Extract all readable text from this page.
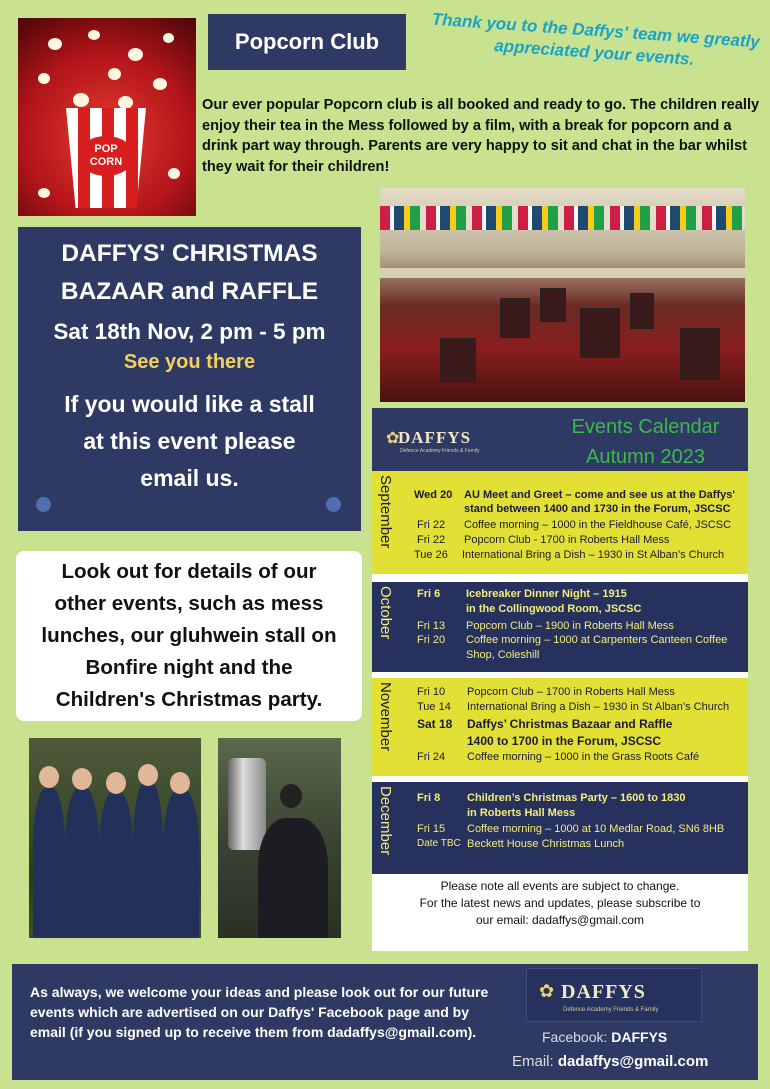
POP CORN
Popcorn Club	Thank you to the Daffys' team we greatly appreciated your events.
Our ever popular Popcorn club is all booked and ready to go. The children really enjoy their tea in the Mess followed by a film, with a break for popcorn and a drink part way through. Parents are very happy to sit and chat in the bar whilst they wait for their children!
DAFFYS' CHRISTMAS
BAZAAR and RAFFLE
Sat 18th Nov, 2 pm - 5 pm
See you there
If you would like a stall
at this event please
email us.
Look out for details of our
other events, such as mess
lunches, our gluhwein stall on
Bonfire night and the
Children's Christmas party.
✿
DAFFYS
Defence Academy Friends & Family
Events Calendar
Autumn 2023
September Wed 20 AU Meet and Greet – come and see us at the Daffys'
stand between 1400 and 1730 in the Forum, JSCSC
Fri 22 Coffee morning – 1000 in the Fieldhouse Café, JSCSC
Fri 22 Popcorn Club - 1700 in Roberts Hall Mess
Tue 26 International Bring a Dish – 1930 in St Alban’s Church
October Fri 6 Icebreaker Dinner Night – 1915
in the Collingwood Room, JSCSC
Fri 13 Popcorn Club – 1900 in Roberts Hall Mess
Fri 20 Coffee morning – 1000 at Carpenters Canteen Coffee
Shop, Coleshill
November Fri 10 Popcorn Club – 1700 in Roberts Hall Mess
Tue 14 International Bring a Dish – 1930 in St Alban’s Church
Sat 18 Daffys’ Christmas Bazaar and Raffle
1400 to 1700 in the Forum, JSCSC
Fri 24 Coffee morning – 1000 in the Grass Roots Café
December Fri 8 Children’s Christmas Party – 1600 to 1830
in Roberts Hall Mess
Fri 15 Coffee morning – 1000 at 10 Medlar Road, SN6 8HB
Date TBC Beckett House Christmas Lunch
Please note all events are subject to change.
For the latest news and updates, please subscribe to
our email: dadaffys@gmail.com
As always, we welcome your ideas and please look out for our future events which are advertised on our Daffys' Facebook page and by email (if you signed up to receive them from dadaffys@gmail.com).
✿ DAFFYS
Defence Academy Friends & Family
Facebook: DAFFYS
Email: dadaffys@gmail.com
